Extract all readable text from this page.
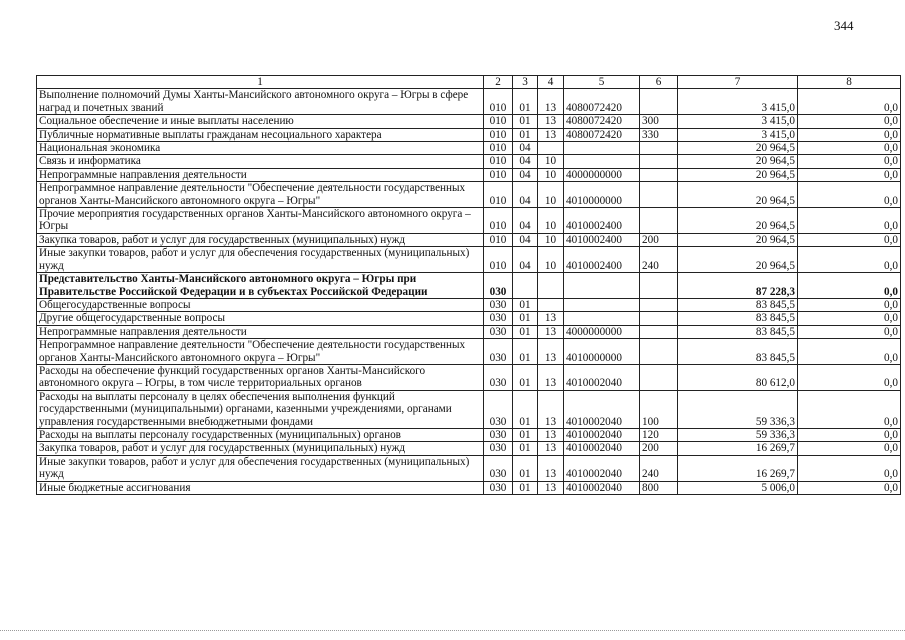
344
1	2	3	4	5	6	7	8
Выполнение полномочий Думы Ханты-Мансийского автономного округа – Югры в сфере наград и почетных званий	010	01	13	4080072420		3 415,0	0,0
Социальное обеспечение и иные выплаты населению	010	01	13	4080072420	300	3 415,0	0,0
Публичные нормативные выплаты гражданам несоциального характера	010	01	13	4080072420	330	3 415,0	0,0
Национальная экономика	010	04				20 964,5	0,0
Связь и информатика	010	04	10			20 964,5	0,0
Непрограммные направления деятельности	010	04	10	4000000000		20 964,5	0,0
Непрограммное направление деятельности "Обеспечение деятельности государственных органов Ханты-Мансийского автономного округа – Югры"	010	04	10	4010000000		20 964,5	0,0
Прочие мероприятия государственных органов Ханты-Мансийского автономного округа – Югры	010	04	10	4010002400		20 964,5	0,0
Закупка товаров, работ и услуг для государственных (муниципальных) нужд	010	04	10	4010002400	200	20 964,5	0,0
Иные закупки товаров, работ и услуг для обеспечения государственных (муниципальных) нужд	010	04	10	4010002400	240	20 964,5	0,0
Представительство Ханты-Мансийского автономного округа – Югры при Правительстве Российской Федерации и в субъектах Российской Федерации	030					87 228,3	0,0
Общегосударственные вопросы	030	01				83 845,5	0,0
Другие общегосударственные вопросы	030	01	13			83 845,5	0,0
Непрограммные направления деятельности	030	01	13	4000000000		83 845,5	0,0
Непрограммное направление деятельности "Обеспечение деятельности государственных органов Ханты-Мансийского автономного округа – Югры"	030	01	13	4010000000		83 845,5	0,0
Расходы на обеспечение функций государственных органов Ханты-Мансийского автономного округа – Югры, в том числе территориальных органов	030	01	13	4010002040		80 612,0	0,0
Расходы на выплаты персоналу в целях обеспечения выполнения функций государственными (муниципальными) органами, казенными учреждениями, органами управления государственными внебюджетными фондами	030	01	13	4010002040	100	59 336,3	0,0
Расходы на выплаты персоналу государственных (муниципальных) органов	030	01	13	4010002040	120	59 336,3	0,0
Закупка товаров, работ и услуг для государственных (муниципальных) нужд	030	01	13	4010002040	200	16 269,7	0,0
Иные закупки товаров, работ и услуг для обеспечения государственных (муниципальных) нужд	030	01	13	4010002040	240	16 269,7	0,0
Иные бюджетные ассигнования	030	01	13	4010002040	800	5 006,0	0,0
